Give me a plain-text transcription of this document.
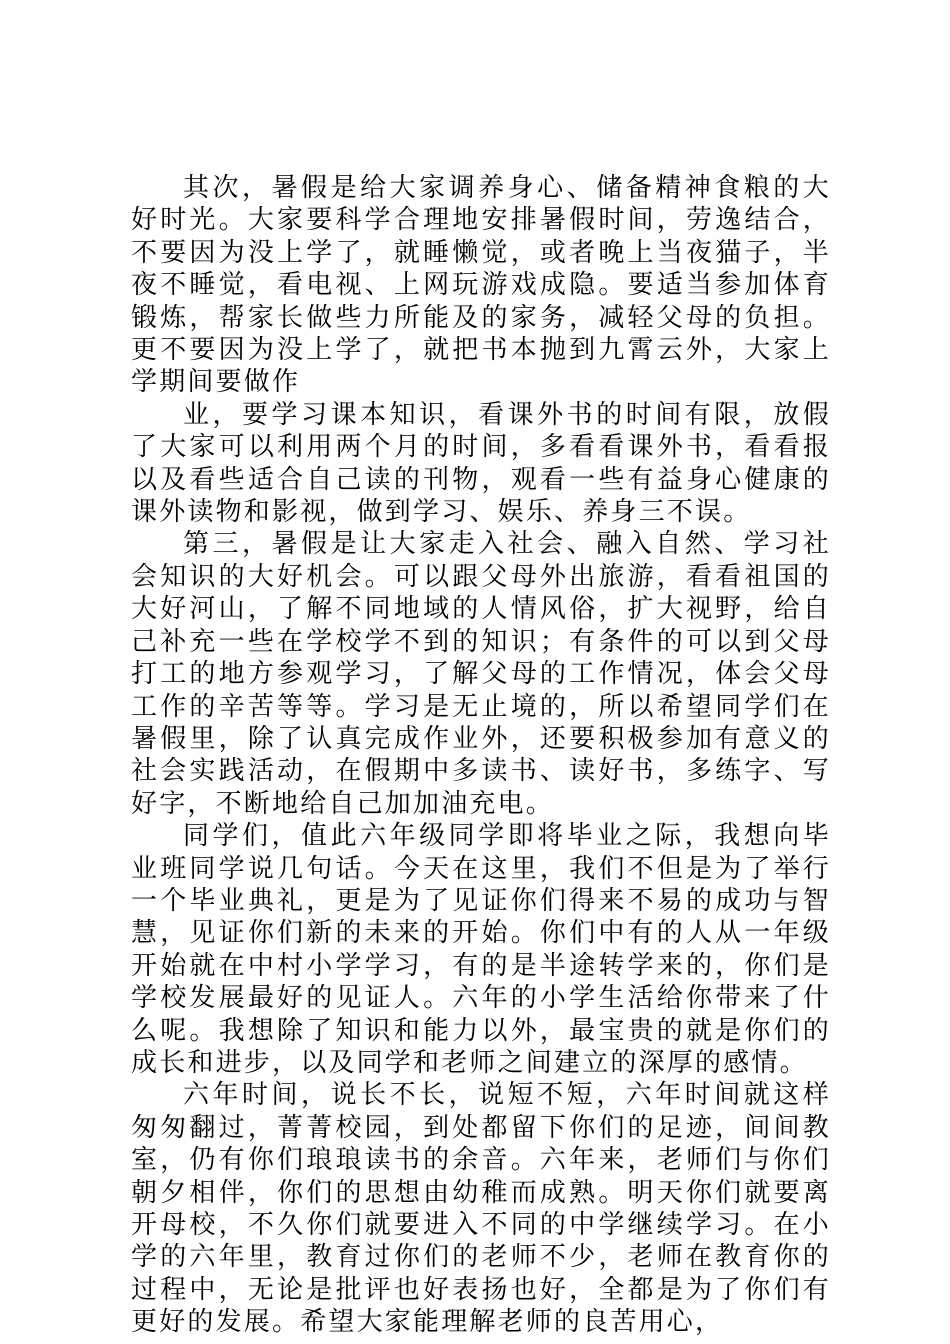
其次，暑假是给大家调养身心、储备精神食粮的大好时光。大家要科学合理地安排暑假时间，劳逸结合，不要因为没上学了，就睡懒觉，或者晚上当夜猫子，半夜不睡觉，看电视、上网玩游戏成隐。要适当参加体育锻炼，帮家长做些力所能及的家务，减轻父母的负担。更不要因为没上学了，就把书本抛到九霄云外，大家上学期间要做作

业，要学习课本知识，看课外书的时间有限，放假了大家可以利用两个月的时间，多看看课外书，看看报以及看些适合自己读的刊物，观看一些有益身心健康的课外读物和影视，做到学习、娱乐、养身三不误。

第三，暑假是让大家走入社会、融入自然、学习社会知识的大好机会。可以跟父母外出旅游，看看祖国的大好河山，了解不同地域的人情风俗，扩大视野，给自己补充一些在学校学不到的知识；有条件的可以到父母打工的地方参观学习，了解父母的工作情况，体会父母工作的辛苦等等。学习是无止境的，所以希望同学们在暑假里，除了认真完成作业外，还要积极参加有意义的社会实践活动，在假期中多读书、读好书，多练字、写好字，不断地给自己加加油充电。

同学们，值此六年级同学即将毕业之际，我想向毕业班同学说几句话。今天在这里，我们不但是为了举行一个毕业典礼，更是为了见证你们得来不易的成功与智慧，见证你们新的未来的开始。你们中有的人从一年级开始就在中村小学学习，有的是半途转学来的，你们是学校发展最好的见证人。六年的小学生活给你带来了什么呢。我想除了知识和能力以外，最宝贵的就是你们的成长和进步，以及同学和老师之间建立的深厚的感情。

六年时间，说长不长，说短不短，六年时间就这样匆匆翻过，菁菁校园，到处都留下你们的足迹，间间教室，仍有你们琅琅读书的余音。六年来，老师们与你们朝夕相伴，你们的思想由幼稚而成熟。明天你们就要离开母校，不久你们就要进入不同的中学继续学习。在小学的六年里，教育过你们的老师不少，老师在教育你的过程中，无论是批评也好表扬也好，全都是为了你们有更好的发展。希望大家能理解老师的良苦用心，
